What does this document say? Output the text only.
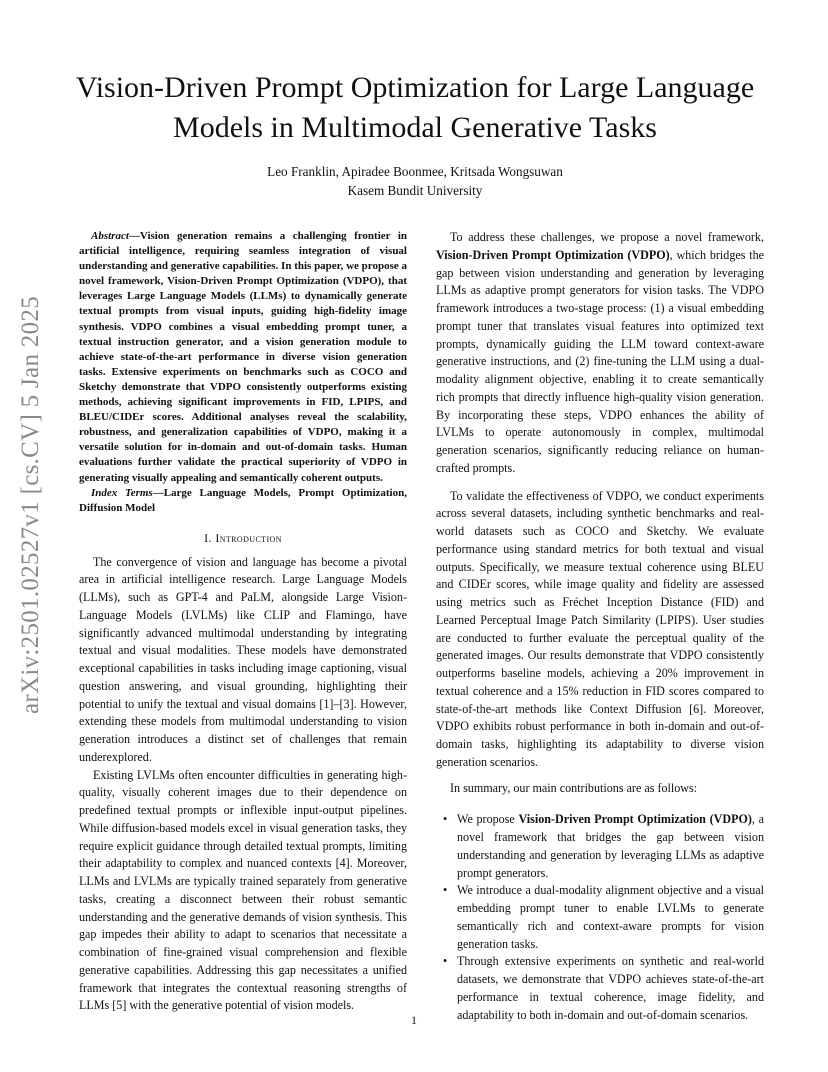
arXiv:2501.02527v1 [cs.CV] 5 Jan 2025
Vision-Driven Prompt Optimization for Large Language Models in Multimodal Generative Tasks
Leo Franklin, Apiradee Boonmee, Kritsada Wongsuwan
Kasem Bundit University

Abstract—Vision generation remains a challenging frontier in artificial intelligence, requiring seamless integration of visual understanding and generative capabilities. In this paper, we propose a novel framework, Vision-Driven Prompt Optimization (VDPO), that leverages Large Language Models (LLMs) to dynamically generate textual prompts from visual inputs, guiding high-fidelity image synthesis. VDPO combines a visual embedding prompt tuner, a textual instruction generator, and a vision generation module to achieve state-of-the-art performance in diverse vision generation tasks. Extensive experiments on benchmarks such as COCO and Sketchy demonstrate that VDPO consistently outperforms existing methods, achieving significant improvements in FID, LPIPS, and BLEU/CIDEr scores. Additional analyses reveal the scalability, robustness, and generalization capabilities of VDPO, making it a versatile solution for in-domain and out-of-domain tasks. Human evaluations further validate the practical superiority of VDPO in generating visually appealing and semantically coherent outputs.

Index Terms—Large Language Models, Prompt Optimization, Diffusion Model

I. Introduction

The convergence of vision and language has become a pivotal area in artificial intelligence research. Large Language Models (LLMs), such as GPT-4 and PaLM, alongside Large Vision-Language Models (LVLMs) like CLIP and Flamingo, have significantly advanced multimodal understanding by integrating textual and visual modalities. These models have demonstrated exceptional capabilities in tasks including image captioning, visual question answering, and visual grounding, highlighting their potential to unify the textual and visual domains [1]–[3]. However, extending these models from multimodal understanding to vision generation introduces a distinct set of challenges that remain underexplored.

Existing LVLMs often encounter difficulties in generating high-quality, visually coherent images due to their dependence on predefined textual prompts or inflexible input-output pipelines. While diffusion-based models excel in visual generation tasks, they require explicit guidance through detailed textual prompts, limiting their adaptability to complex and nuanced contexts [4]. Moreover, LLMs and LVLMs are typically trained separately from generative tasks, creating a disconnect between their robust semantic understanding and the generative demands of vision synthesis. This gap impedes their ability to adapt to scenarios that necessitate a combination of fine-grained visual comprehension and flexible generative capabilities. Addressing this gap necessitates a unified framework that integrates the contextual reasoning strengths of LLMs [5] with the generative potential of vision models.

To address these challenges, we propose a novel framework, Vision-Driven Prompt Optimization (VDPO), which bridges the gap between vision understanding and generation by leveraging LLMs as adaptive prompt generators for vision tasks. The VDPO framework introduces a two-stage process: (1) a visual embedding prompt tuner that translates visual features into optimized text prompts, dynamically guiding the LLM toward context-aware generative instructions, and (2) fine-tuning the LLM using a dual-modality alignment objective, enabling it to create semantically rich prompts that directly influence high-quality vision generation. By incorporating these steps, VDPO enhances the ability of LVLMs to operate autonomously in complex, multimodal generation scenarios, significantly reducing reliance on human-crafted prompts.

To validate the effectiveness of VDPO, we conduct experiments across several datasets, including synthetic benchmarks and real-world datasets such as COCO and Sketchy. We evaluate performance using standard metrics for both textual and visual outputs. Specifically, we measure textual coherence using BLEU and CIDEr scores, while image quality and fidelity are assessed using metrics such as Fréchet Inception Distance (FID) and Learned Perceptual Image Patch Similarity (LPIPS). User studies are conducted to further evaluate the perceptual quality of the generated images. Our results demonstrate that VDPO consistently outperforms baseline models, achieving a 20% improvement in textual coherence and a 15% reduction in FID scores compared to state-of-the-art methods like Context Diffusion [6]. Moreover, VDPO exhibits robust performance in both in-domain and out-of-domain tasks, highlighting its adaptability to diverse vision generation scenarios.

In summary, our main contributions are as follows:

• We propose Vision-Driven Prompt Optimization (VDPO), a novel framework that bridges the gap between vision understanding and generation by leveraging LLMs as adaptive prompt generators.
• We introduce a dual-modality alignment objective and a visual embedding prompt tuner to enable LVLMs to generate semantically rich and context-aware prompts for vision generation tasks.
• Through extensive experiments on synthetic and real-world datasets, we demonstrate that VDPO achieves state-of-the-art performance in textual coherence, image fidelity, and adaptability to both in-domain and out-of-domain scenarios.
1
